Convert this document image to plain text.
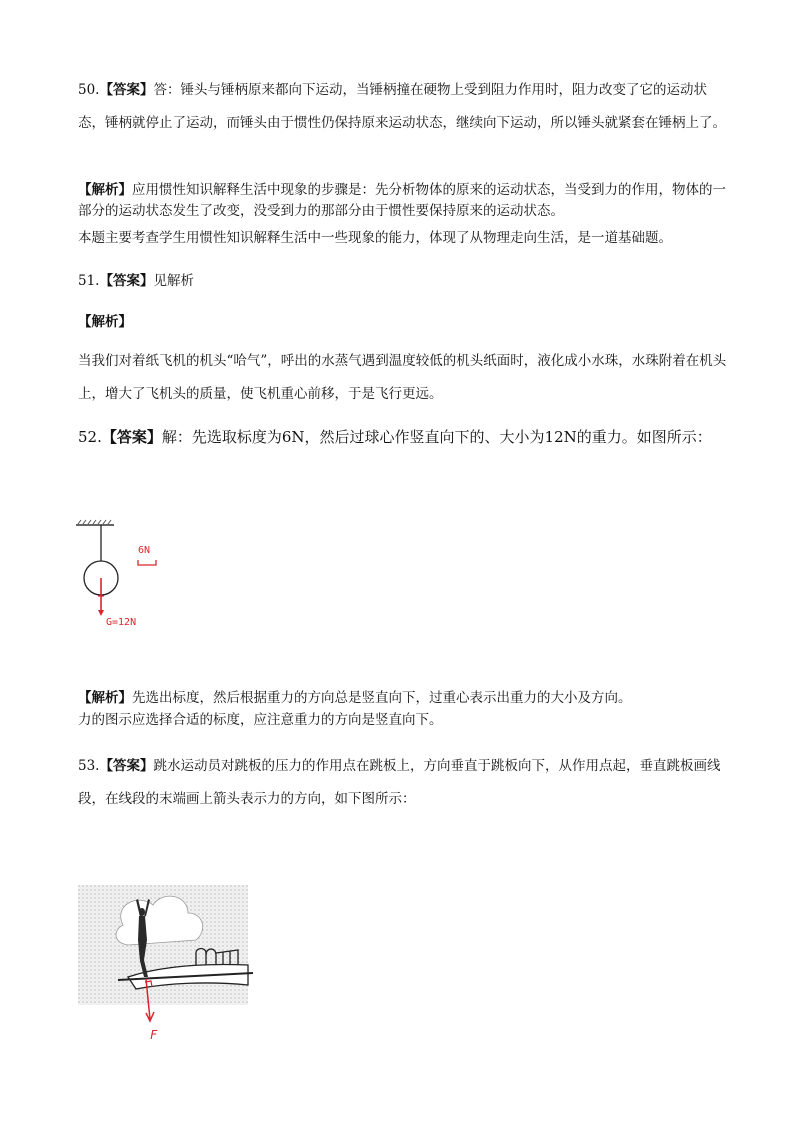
50.【答案】答：锤头与锤柄原来都向下运动，当锤柄撞在硬物上受到阻力作用时，阻力改变了它的运动状态，锤柄就停止了运动，而锤头由于惯性仍保持原来运动状态，继续向下运动，所以锤头就紧套在锤柄上了。
【解析】应用惯性知识解释生活中现象的步骤是：先分析物体的原来的运动状态，当受到力的作用，物体的一部分的运动状态发生了改变，没受到力的那部分由于惯性要保持原来的运动状态。
本题主要考查学生用惯性知识解释生活中一些现象的能力，体现了从物理走向生活，是一道基础题。
51.【答案】见解析
【解析】
当我们对着纸飞机的机头“哈气”，呼出的水蒸气遇到温度较低的机头纸面时，液化成小水珠，水珠附着在机头上，增大了飞机头的质量，使飞机重心前移，于是飞行更远。
52.【答案】解：先选取标度为6N，然后过球心作竖直向下的、大小为12N的重力。如图所示：
6N
G=12N
【解析】先选出标度，然后根据重力的方向总是竖直向下，过重心表示出重力的大小及方向。
力的图示应选择合适的标度，应注意重力的方向是竖直向下。
53.【答案】跳水运动员对跳板的压力的作用点在跳板上，方向垂直于跳板向下，从作用点起，垂直跳板画线段，在线段的末端画上箭头表示力的方向，如下图所示：
F
